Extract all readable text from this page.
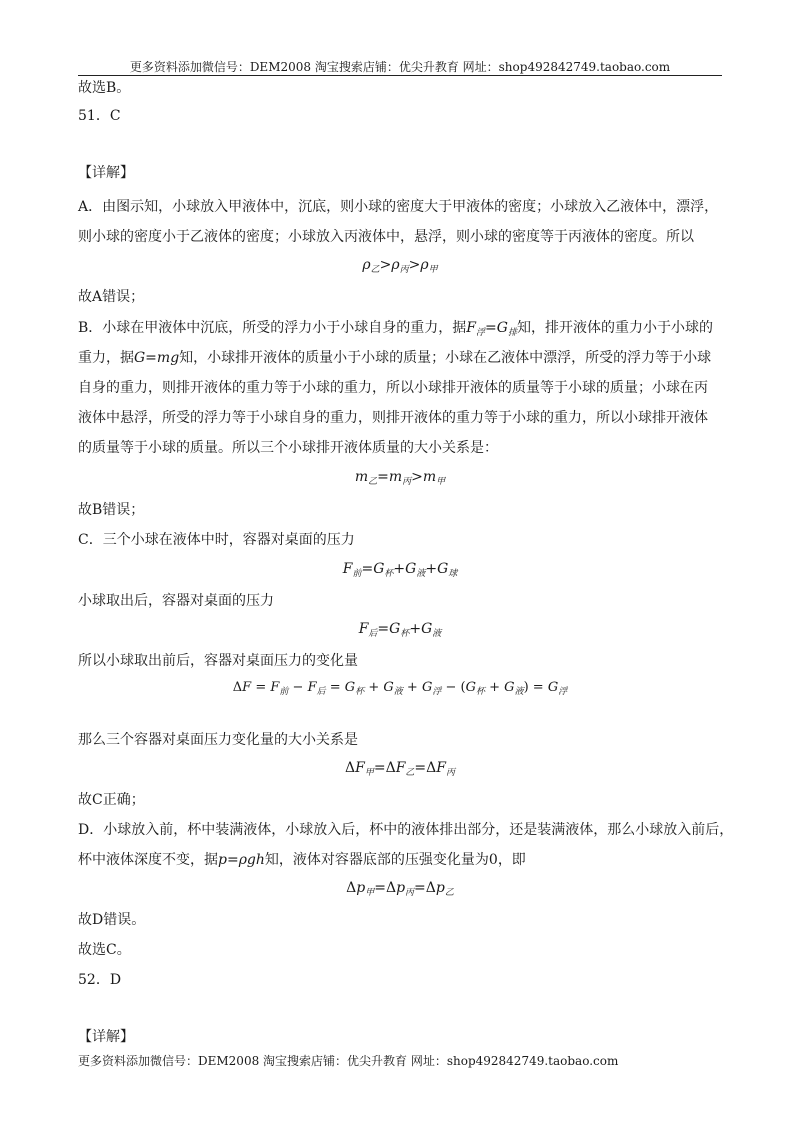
更多资料添加微信号：DEM2008 淘宝搜索店铺：优尖升教育 网址：shop492842749.taobao.com
故选B。
51．C
【详解】
A．由图示知，小球放入甲液体中，沉底，则小球的密度大于甲液体的密度；小球放入乙液体中，漂浮，
则小球的密度小于乙液体的密度；小球放入丙液体中，悬浮，则小球的密度等于丙液体的密度。所以
$\rho_乙>\rho_丙>\rho_甲$
故A错误；
B．小球在甲液体中沉底，所受的浮力小于小球自身的重力，据$F_浮=G_排$知，排开液体的重力小于小球的
重力，据G=mg知，小球排开液体的质量小于小球的质量；小球在乙液体中漂浮，所受的浮力等于小球
自身的重力，则排开液体的重力等于小球的重力，所以小球排开液体的质量等于小球的质量；小球在丙
液体中悬浮，所受的浮力等于小球自身的重力，则排开液体的重力等于小球的重力，所以小球排开液体
的质量等于小球的质量。所以三个小球排开液体质量的大小关系是：
$m_乙=m_丙>m_甲$
故B错误；
C．三个小球在液体中时，容器对桌面的压力
$F_前=G_杯+G_液+G_球$
小球取出后，容器对桌面的压力
$F_后=G_杯+G_液$
所以小球取出前后，容器对桌面压力的变化量
$\Delta F = F_前 - F_后 = G_杯 + G_液 + G_浮 - (G_杯 + G_液) = G_浮$
那么三个容器对桌面压力变化量的大小关系是
$\Delta F_甲=\Delta F_乙=\Delta F_丙$
故C正确；
D．小球放入前，杯中装满液体，小球放入后，杯中的液体排出部分，还是装满液体，那么小球放入前后，
杯中液体深度不变，据p=ρgh知，液体对容器底部的压强变化量为0，即
$\Delta p_甲=\Delta p_丙=\Delta p_乙$
故D错误。
故选C。
52．D
【详解】
更多资料添加微信号：DEM2008 淘宝搜索店铺：优尖升教育 网址：shop492842749.taobao.com
